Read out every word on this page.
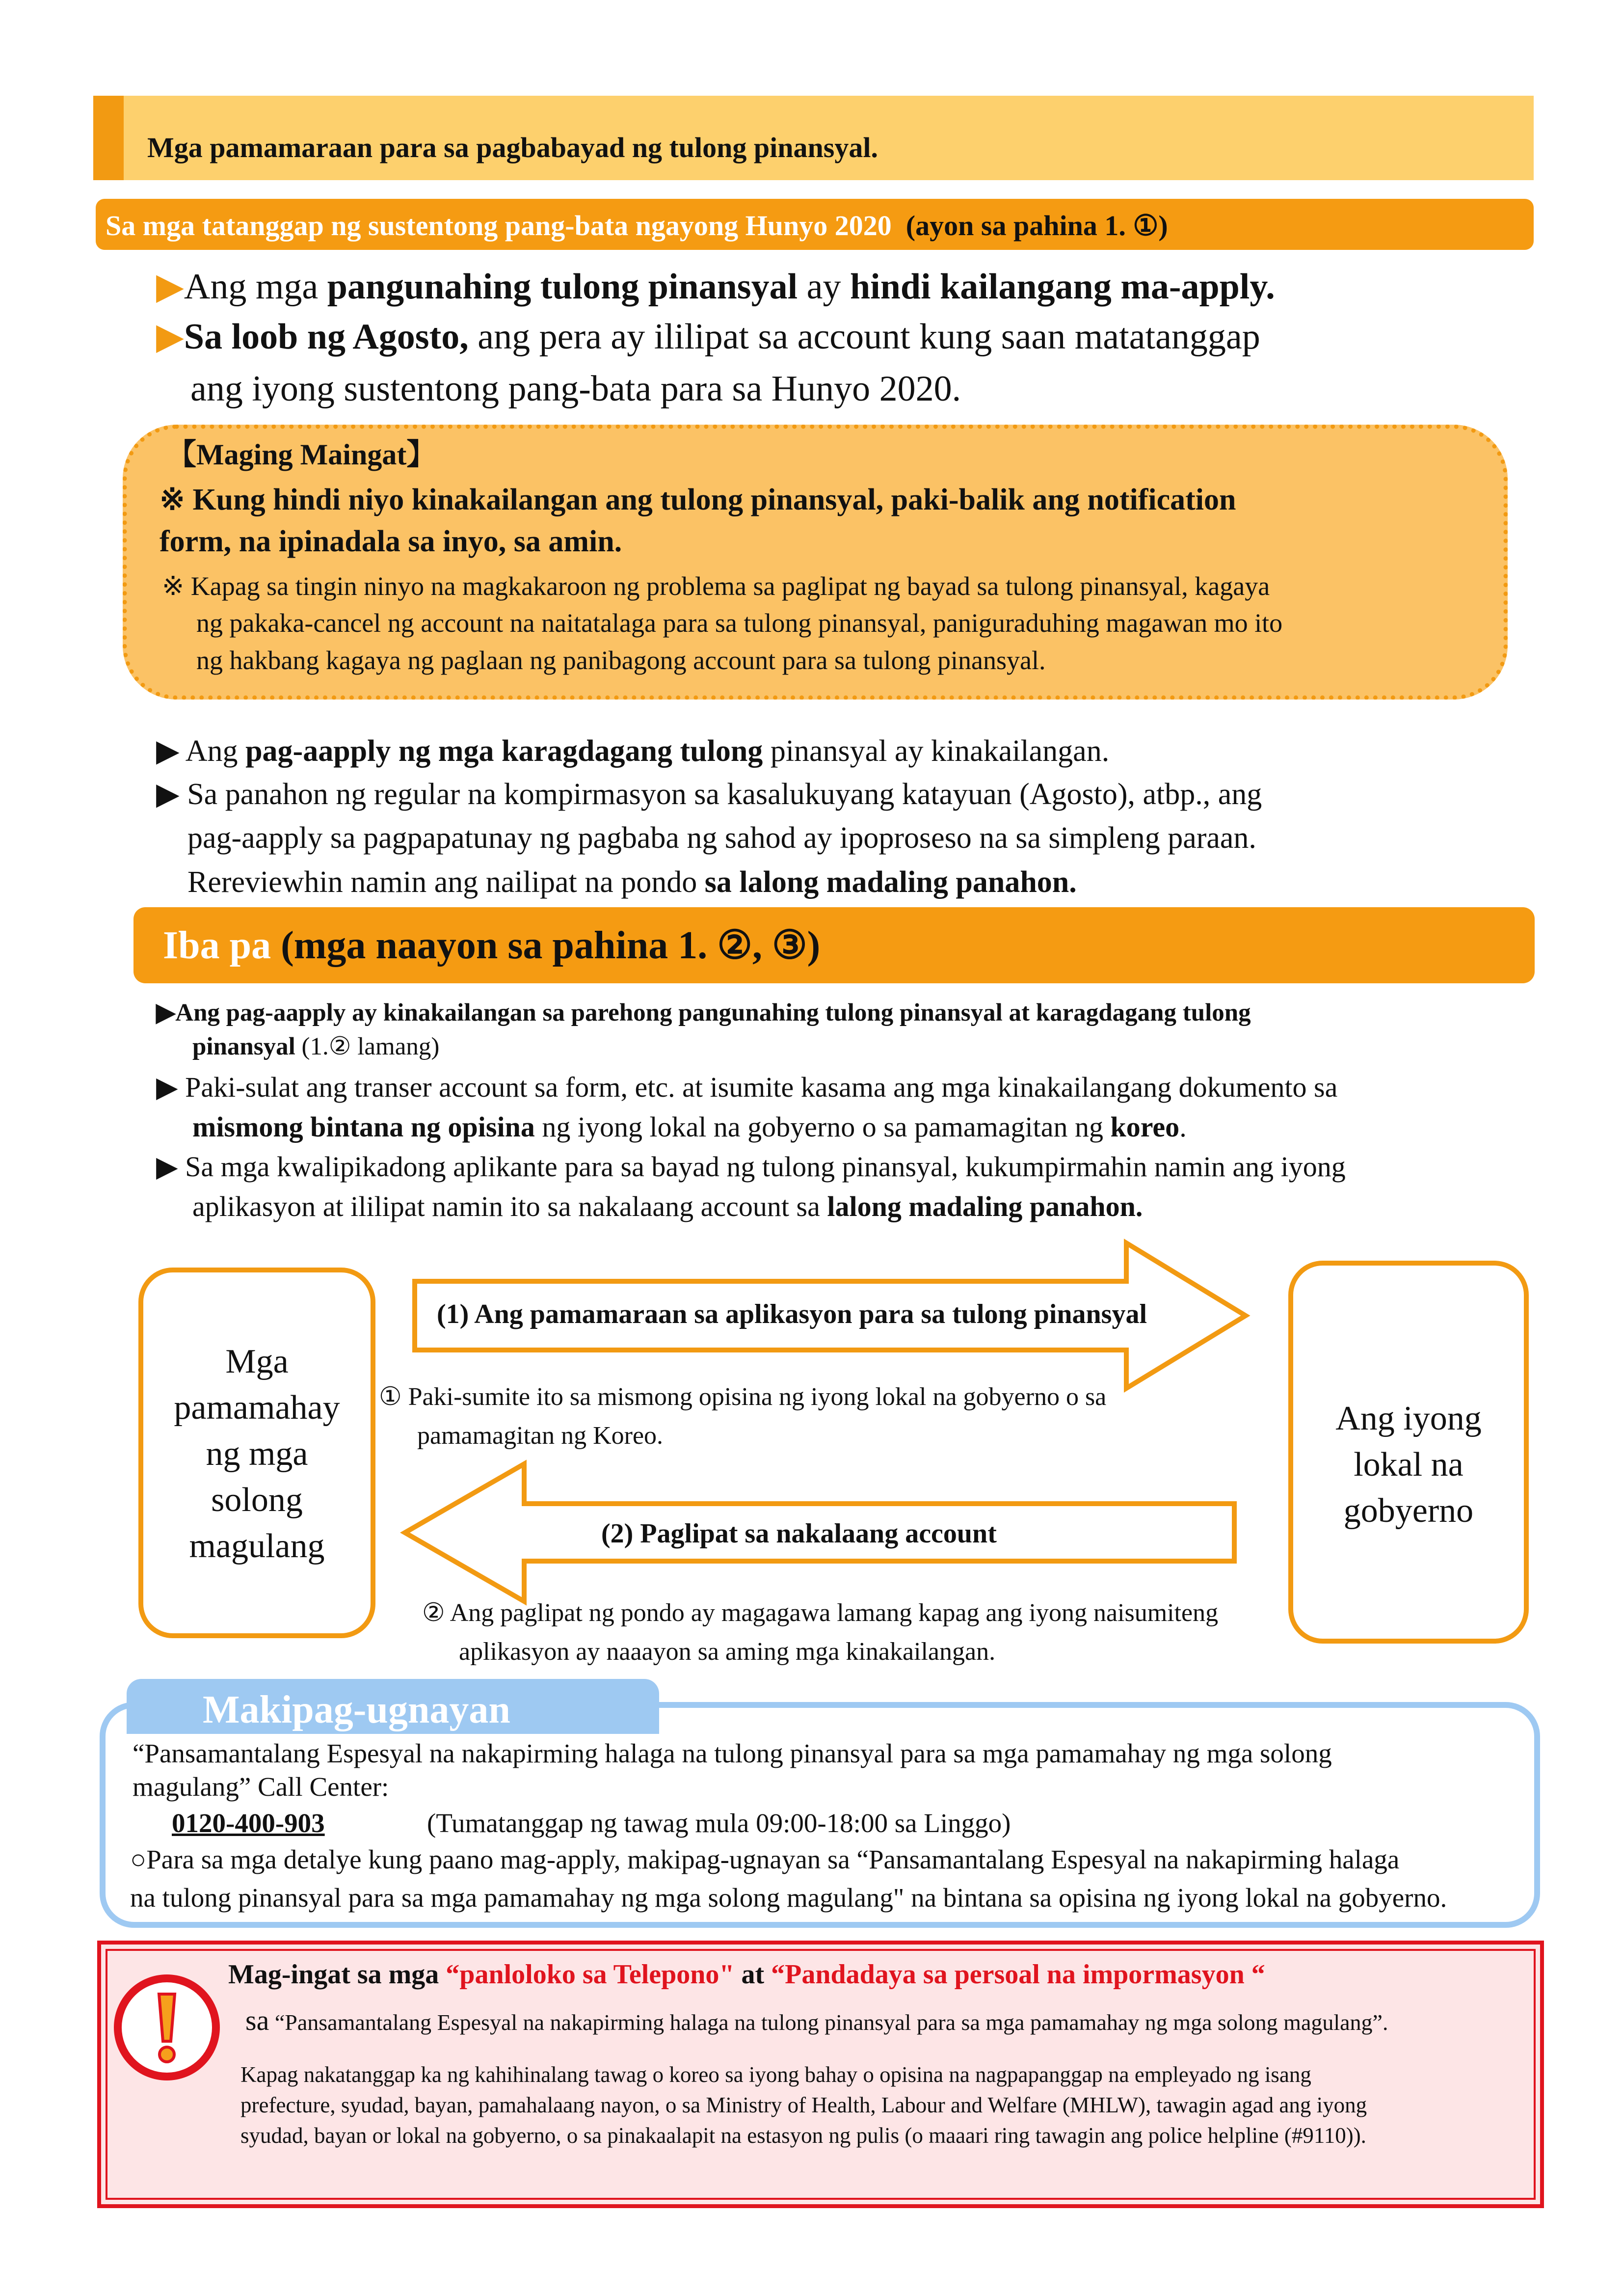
Mga pamamaraan para sa pagbabayad ng tulong pinansyal.
Sa mga tatanggap ng sustentong pang-bata ngayong Hunyo 2020 (ayon sa pahina 1. ①)
▶Ang mga pangunahing tulong pinansyal ay hindi kailangang ma-apply.
▶Sa loob ng Agosto, ang pera ay ililipat sa account kung saan matatanggap
ang iyong sustentong pang-bata para sa Hunyo 2020.
【Maging Maingat】
※ Kung hindi niyo kinakailangan ang tulong pinansyal, paki-balik ang notification
form, na ipinadala sa inyo, sa amin.
※ Kapag sa tingin ninyo na magkakaroon ng problema sa paglipat ng bayad sa tulong pinansyal, kagaya
ng pakaka-cancel ng account na naitatalaga para sa tulong pinansyal, paniguraduhing magawan mo ito
ng hakbang kagaya ng paglaan ng panibagong account para sa tulong pinansyal.
▶ Ang pag-aapply ng mga karagdagang tulong pinansyal ay kinakailangan.
▶ Sa panahon ng regular na kompirmasyon sa kasalukuyang katayuan (Agosto), atbp., ang
pag-aapply sa pagpapatunay ng pagbaba ng sahod ay ipoproseso na sa simpleng paraan.
Rereviewhin namin ang nailipat na pondo sa lalong madaling panahon.
Iba pa (mga naayon sa pahina 1. ②, ③)
▶Ang pag-aapply ay kinakailangan sa parehong pangunahing tulong pinansyal at karagdagang tulong
pinansyal (1.② lamang)
▶ Paki-sulat ang transer account sa form, etc. at isumite kasama ang mga kinakailangang dokumento sa
mismong bintana ng opisina ng iyong lokal na gobyerno o sa pamamagitan ng koreo.
▶ Sa mga kwalipikadong aplikante para sa bayad ng tulong pinansyal, kukumpirmahin namin ang iyong
aplikasyon at ililipat namin ito sa nakalaang account sa lalong madaling panahon.
Mga
pamamahay
ng mga
solong
magulang
Ang iyong
lokal na
gobyerno
(1) Ang pamamaraan sa aplikasyon para sa tulong pinansyal
① Paki-sumite ito sa mismong opisina ng iyong lokal na gobyerno o sa
pamamagitan ng Koreo.
(2) Paglipat sa nakalaang account
② Ang paglipat ng pondo ay magagawa lamang kapag ang iyong naisumiteng
aplikasyon ay naaayon sa aming mga kinakailangan.
Makipag-ugnayan
“Pansamantalang Espesyal na nakapirming halaga na tulong pinansyal para sa mga pamamahay ng mga solong
magulang” Call Center:
0120-400-903	(Tumatanggap ng tawag mula 09:00-18:00 sa Linggo)
○Para sa mga detalye kung paano mag-apply, makipag-ugnayan sa “Pansamantalang Espesyal na nakapirming halaga
na tulong pinansyal para sa mga pamamahay ng mga solong magulang" na bintana sa opisina ng iyong lokal na gobyerno.
Mag-ingat sa mga “panloloko sa Telepono" at “Pandadaya sa persoal na impormasyon “
sa “Pansamantalang Espesyal na nakapirming halaga na tulong pinansyal para sa mga pamamahay ng mga solong magulang”.
Kapag nakatanggap ka ng kahihinalang tawag o koreo sa iyong bahay o opisina na nagpapanggap na empleyado ng isang
prefecture, syudad, bayan, pamahalaang nayon, o sa Ministry of Health, Labour and Welfare (MHLW), tawagin agad ang iyong
syudad, bayan or lokal na gobyerno, o sa pinakaalapit na estasyon ng pulis (o maaari ring tawagin ang police helpline (#9110)).
